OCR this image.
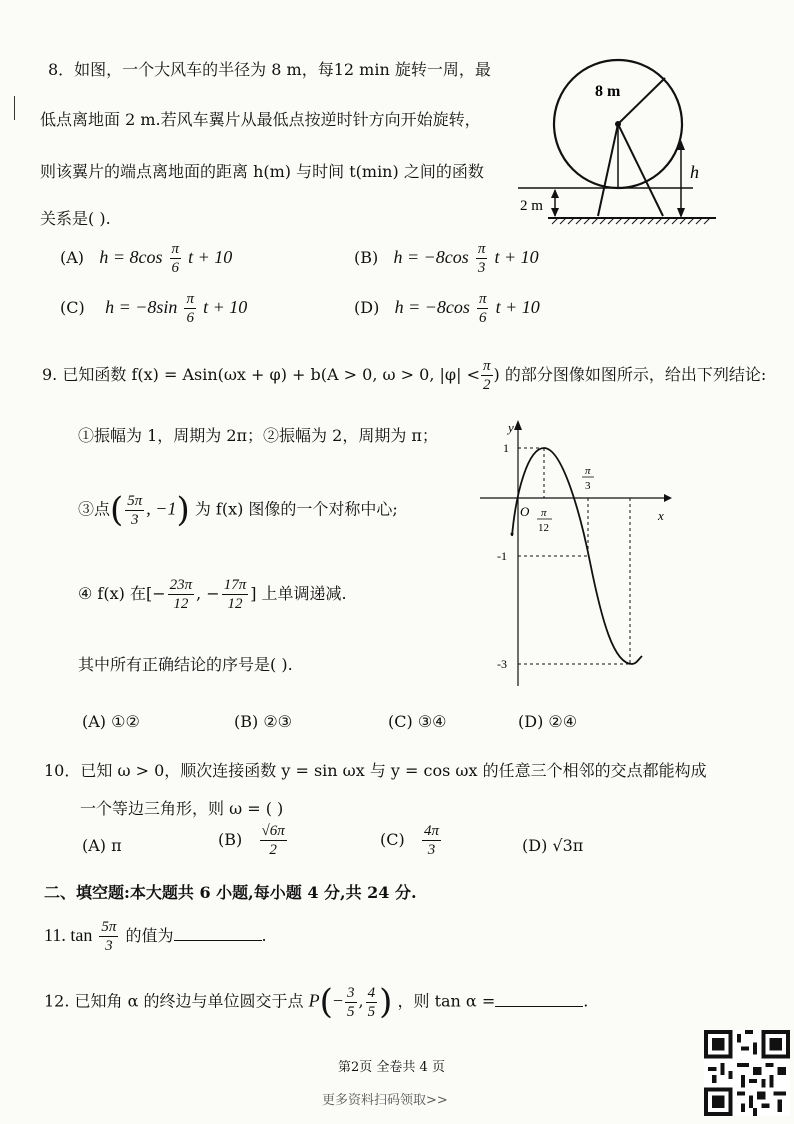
8．如图，一个大风车的半径为 8 m，每12 min 旋转一周，最
低点离地面 2 m.若风车翼片从最低点按逆时针方向开始旋转，
则该翼片的端点离地面的距离 h(m) 与时间 t(min) 之间的函数
关系是( ).
(A) $h = 8\cos \frac{\pi}{6}$ t + 10	(B) $h = -8\cos \frac{\pi}{3}$ t + 10
(C) $h = -8\sin \frac{\pi}{6}$ t + 10	(D) $h = -8\cos \frac{\pi}{6}$ t + 10
8 m
h
2 m
9. 已知函数 f(x) = Asin(ωx + φ) + b(A > 0, ω > 0, $|\varphi| < \frac{\pi}{2}$ ) 的部分图像如图所示，给出下列结论:
①振幅为 1，周期为 2π；②振幅为 2，周期为 π；
③点( $\frac{5\pi}{3}$ , −1) 为 f(x) 图像的一个对称中心;
④ f(x) 在[− $\frac{23\pi}{12}$ , − $\frac{17\pi}{12}$ ] 上单调递减.
其中所有正确结论的序号是( ).
(A) ①②	(B) ②③	(C) ③④	(D) ②④
y
x
O
1
-1
-3
π
12
π
3
10．已知 ω > 0，顺次连接函数 y = sin ωx 与 y = cos ωx 的任意三个相邻的交点都能构成
一个等边三角形，则 ω = ( )
(A) π	$(B) \frac{√6\pi}{2}$	$(C) \frac{4\pi}{3}$	(D) √3π
二、填空题:本大题共 6 小题,每小题 4 分,共 24 分.
11. $\tan \frac{5\pi}{3}$ 的值为	.
12. 已知角 α 的终边与单位圆交于点 $P(- \frac{3}{5}$ , $\frac{4}{5}$ ) ，则 tan α =	.
第2页 全卷共 4 页
更多资料扫码领取>>
